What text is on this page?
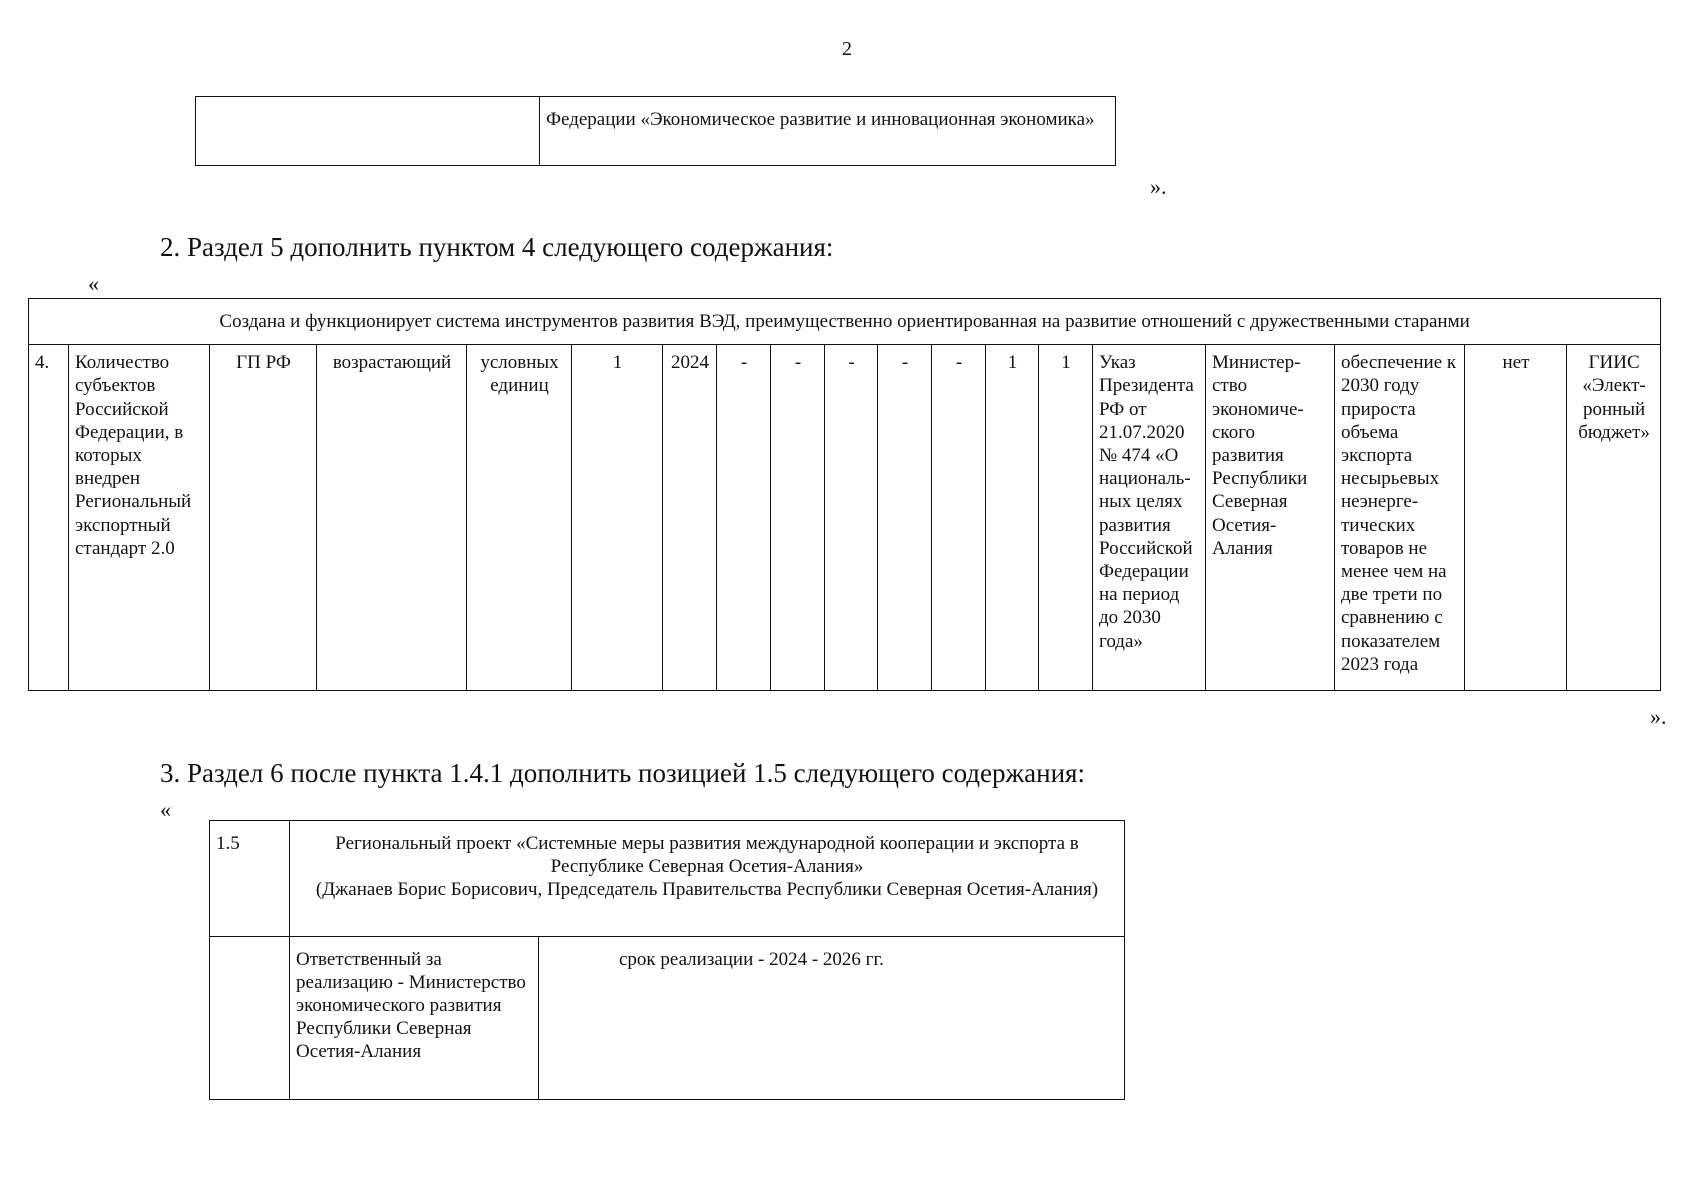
2
	Федерации «Экономическое развитие и инновационная экономика»
».
2. Раздел 5 дополнить пунктом 4 следующего содержания:
«
Создана и функционирует система инструментов развития ВЭД, преимущественно ориентированная на развитие отношений с дружественными старанми
4.	Количество субъектов Российской Федерации, в которых внедрен Региональный экспортный стандарт 2.0	ГП РФ	возрастающий	условных единиц	1	2024	-	-	-	-	-	1	1	Указ Президента РФ от 21.07.2020 № 474 «О националь-ных целях развития Российской Федерации на период до 2030 года»	Министер-ство экономиче-ского развития Республики Северная Осетия-Алания	обеспечение к 2030 году прироста объема экспорта несырьевых неэнерге-тических товаров не менее чем на две трети по сравнению с показателем 2023 года	нет	ГИИС «Элект-ронный бюджет»
».
3. Раздел 6 после пункта 1.4.1 дополнить позицией 1.5 следующего содержания:
«
1.5	Региональный проект «Системные меры развития международной кооперации и экспорта в Республике Северная Осетия-Алания»
(Джанаев Борис Борисович, Председатель Правительства Республики Северная Осетия-Алания)	

	Ответственный за реализацию - Министерство экономического развития Республики Северная Осетия-Алания	срок реализации - 2024 - 2026 гг.
